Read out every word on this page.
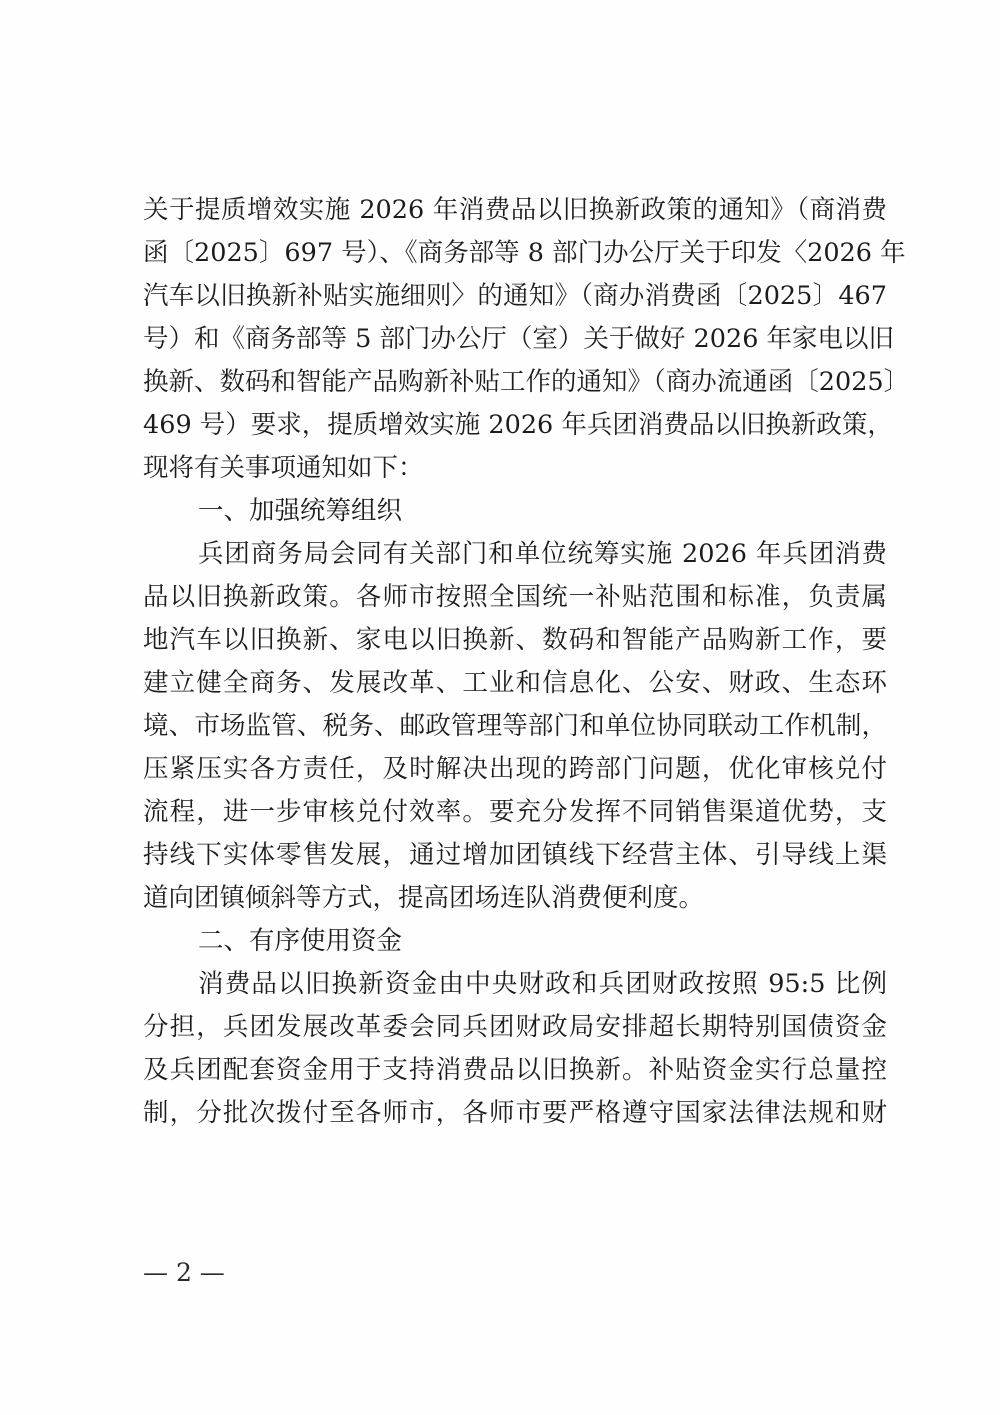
关于提质增效实施 2026 年消费品以旧换新政策的通知》（商消费
函〔2025〕697 号）、《商务部等 8 部门办公厅关于印发〈2026 年
汽车以旧换新补贴实施细则〉的通知》（商办消费函〔2025〕467
号）和《商务部等 5 部门办公厅（室）关于做好 2026 年家电以旧
换新、数码和智能产品购新补贴工作的通知》（商办流通函〔2025〕
469 号）要求，提质增效实施 2026 年兵团消费品以旧换新政策，
现将有关事项通知如下：
一、加强统筹组织
兵团商务局会同有关部门和单位统筹实施 2026 年兵团消费
品以旧换新政策。各师市按照全国统一补贴范围和标准，负责属
地汽车以旧换新、家电以旧换新、数码和智能产品购新工作，要
建立健全商务、发展改革、工业和信息化、公安、财政、生态环
境、市场监管、税务、邮政管理等部门和单位协同联动工作机制，
压紧压实各方责任，及时解决出现的跨部门问题，优化审核兑付
流程，进一步审核兑付效率。要充分发挥不同销售渠道优势，支
持线下实体零售发展，通过增加团镇线下经营主体、引导线上渠
道向团镇倾斜等方式，提高团场连队消费便利度。
二、有序使用资金
消费品以旧换新资金由中央财政和兵团财政按照 95:5 比例
分担，兵团发展改革委会同兵团财政局安排超长期特别国债资金
及兵团配套资金用于支持消费品以旧换新。补贴资金实行总量控
制，分批次拨付至各师市，各师市要严格遵守国家法律法规和财
— 2 —
